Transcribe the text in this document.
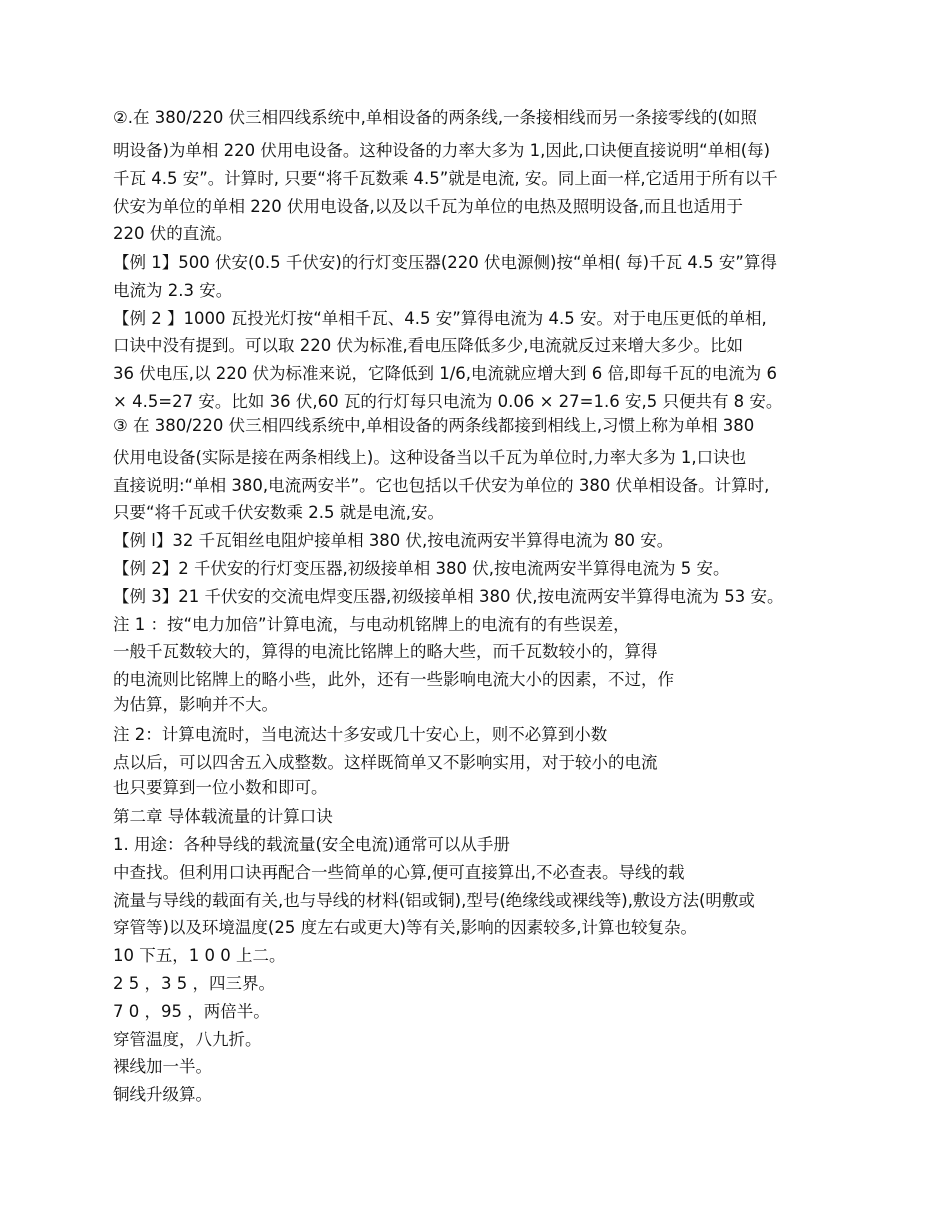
②.在 380/220 伏三相四线系统中,单相设备的两条线,一条接相线而另一条接零线的(如照
明设备)为单相 220 伏用电设备。这种设备的力率大多为 1,因此,口诀便直接说明“单相(每)
千瓦 4.5 安”。计算时, 只要“将千瓦数乘 4.5”就是电流, 安。同上面一样,它适用于所有以千
伏安为单位的单相 220 伏用电设备,以及以千瓦为单位的电热及照明设备,而且也适用于
220 伏的直流。
【例 1】500 伏安(0.5 千伏安)的行灯变压器(220 伏电源侧)按“单相( 每)千瓦 4.5 安”算得
电流为 2.3 安。
【例 2 】1000 瓦投光灯按“单相千瓦、4.5 安”算得电流为 4.5 安。对于电压更低的单相,
口诀中没有提到。可以取 220 伏为标准,看电压降低多少,电流就反过来增大多少。比如
36 伏电压,以 220 伏为标准来说，它降低到 1/6,电流就应增大到 6 倍,即每千瓦的电流为 6
× 4.5=27 安。比如 36 伏,60 瓦的行灯每只电流为 0.06 × 27=1.6 安,5 只便共有 8 安。
③ 在 380/220 伏三相四线系统中,单相设备的两条线都接到相线上,习惯上称为单相 380
伏用电设备(实际是接在两条相线上)。这种设备当以千瓦为单位时,力率大多为 1,口诀也
直接说明:“单相 380,电流两安半”。它也包括以千伏安为单位的 380 伏单相设备。计算时,
只要“将千瓦或千伏安数乘 2.5 就是电流,安。
【例 l】32 千瓦钼丝电阻炉接单相 380 伏,按电流两安半算得电流为 80 安。
【例 2】2 千伏安的行灯变压器,初级接单相 380 伏,按电流两安半算得电流为 5 安。
【例 3】21 千伏安的交流电焊变压器,初级接单相 380 伏,按电流两安半算得电流为 53 安。
注 1 ：按“电力加倍”计算电流，与电动机铭牌上的电流有的有些误差，
一般千瓦数较大的，算得的电流比铭牌上的略大些，而千瓦数较小的，算得
的电流则比铭牌上的略小些，此外，还有一些影响电流大小的因素，不过，作
为估算，影响并不大。
注 2：计算电流时，当电流达十多安或几十安心上，则不必算到小数
点以后，可以四舍五入成整数。这样既简单又不影响实用，对于较小的电流
也只要算到一位小数和即可。
第二章 导体载流量的计算口诀
1. 用途：各种导线的载流量(安全电流)通常可以从手册
中查找。但利用口诀再配合一些简单的心算,便可直接算出,不必查表。导线的载
流量与导线的载面有关,也与导线的材料(铝或铜),型号(绝缘线或裸线等),敷设方法(明敷或
穿管等)以及环境温度(25 度左右或更大)等有关,影响的因素较多,计算也较复杂。
10 下五，1 0 0 上二。
2 5 ，3 5 ，四三界。
7 0 ，95 ，两倍半。
穿管温度，八九折。
裸线加一半。
铜线升级算。
